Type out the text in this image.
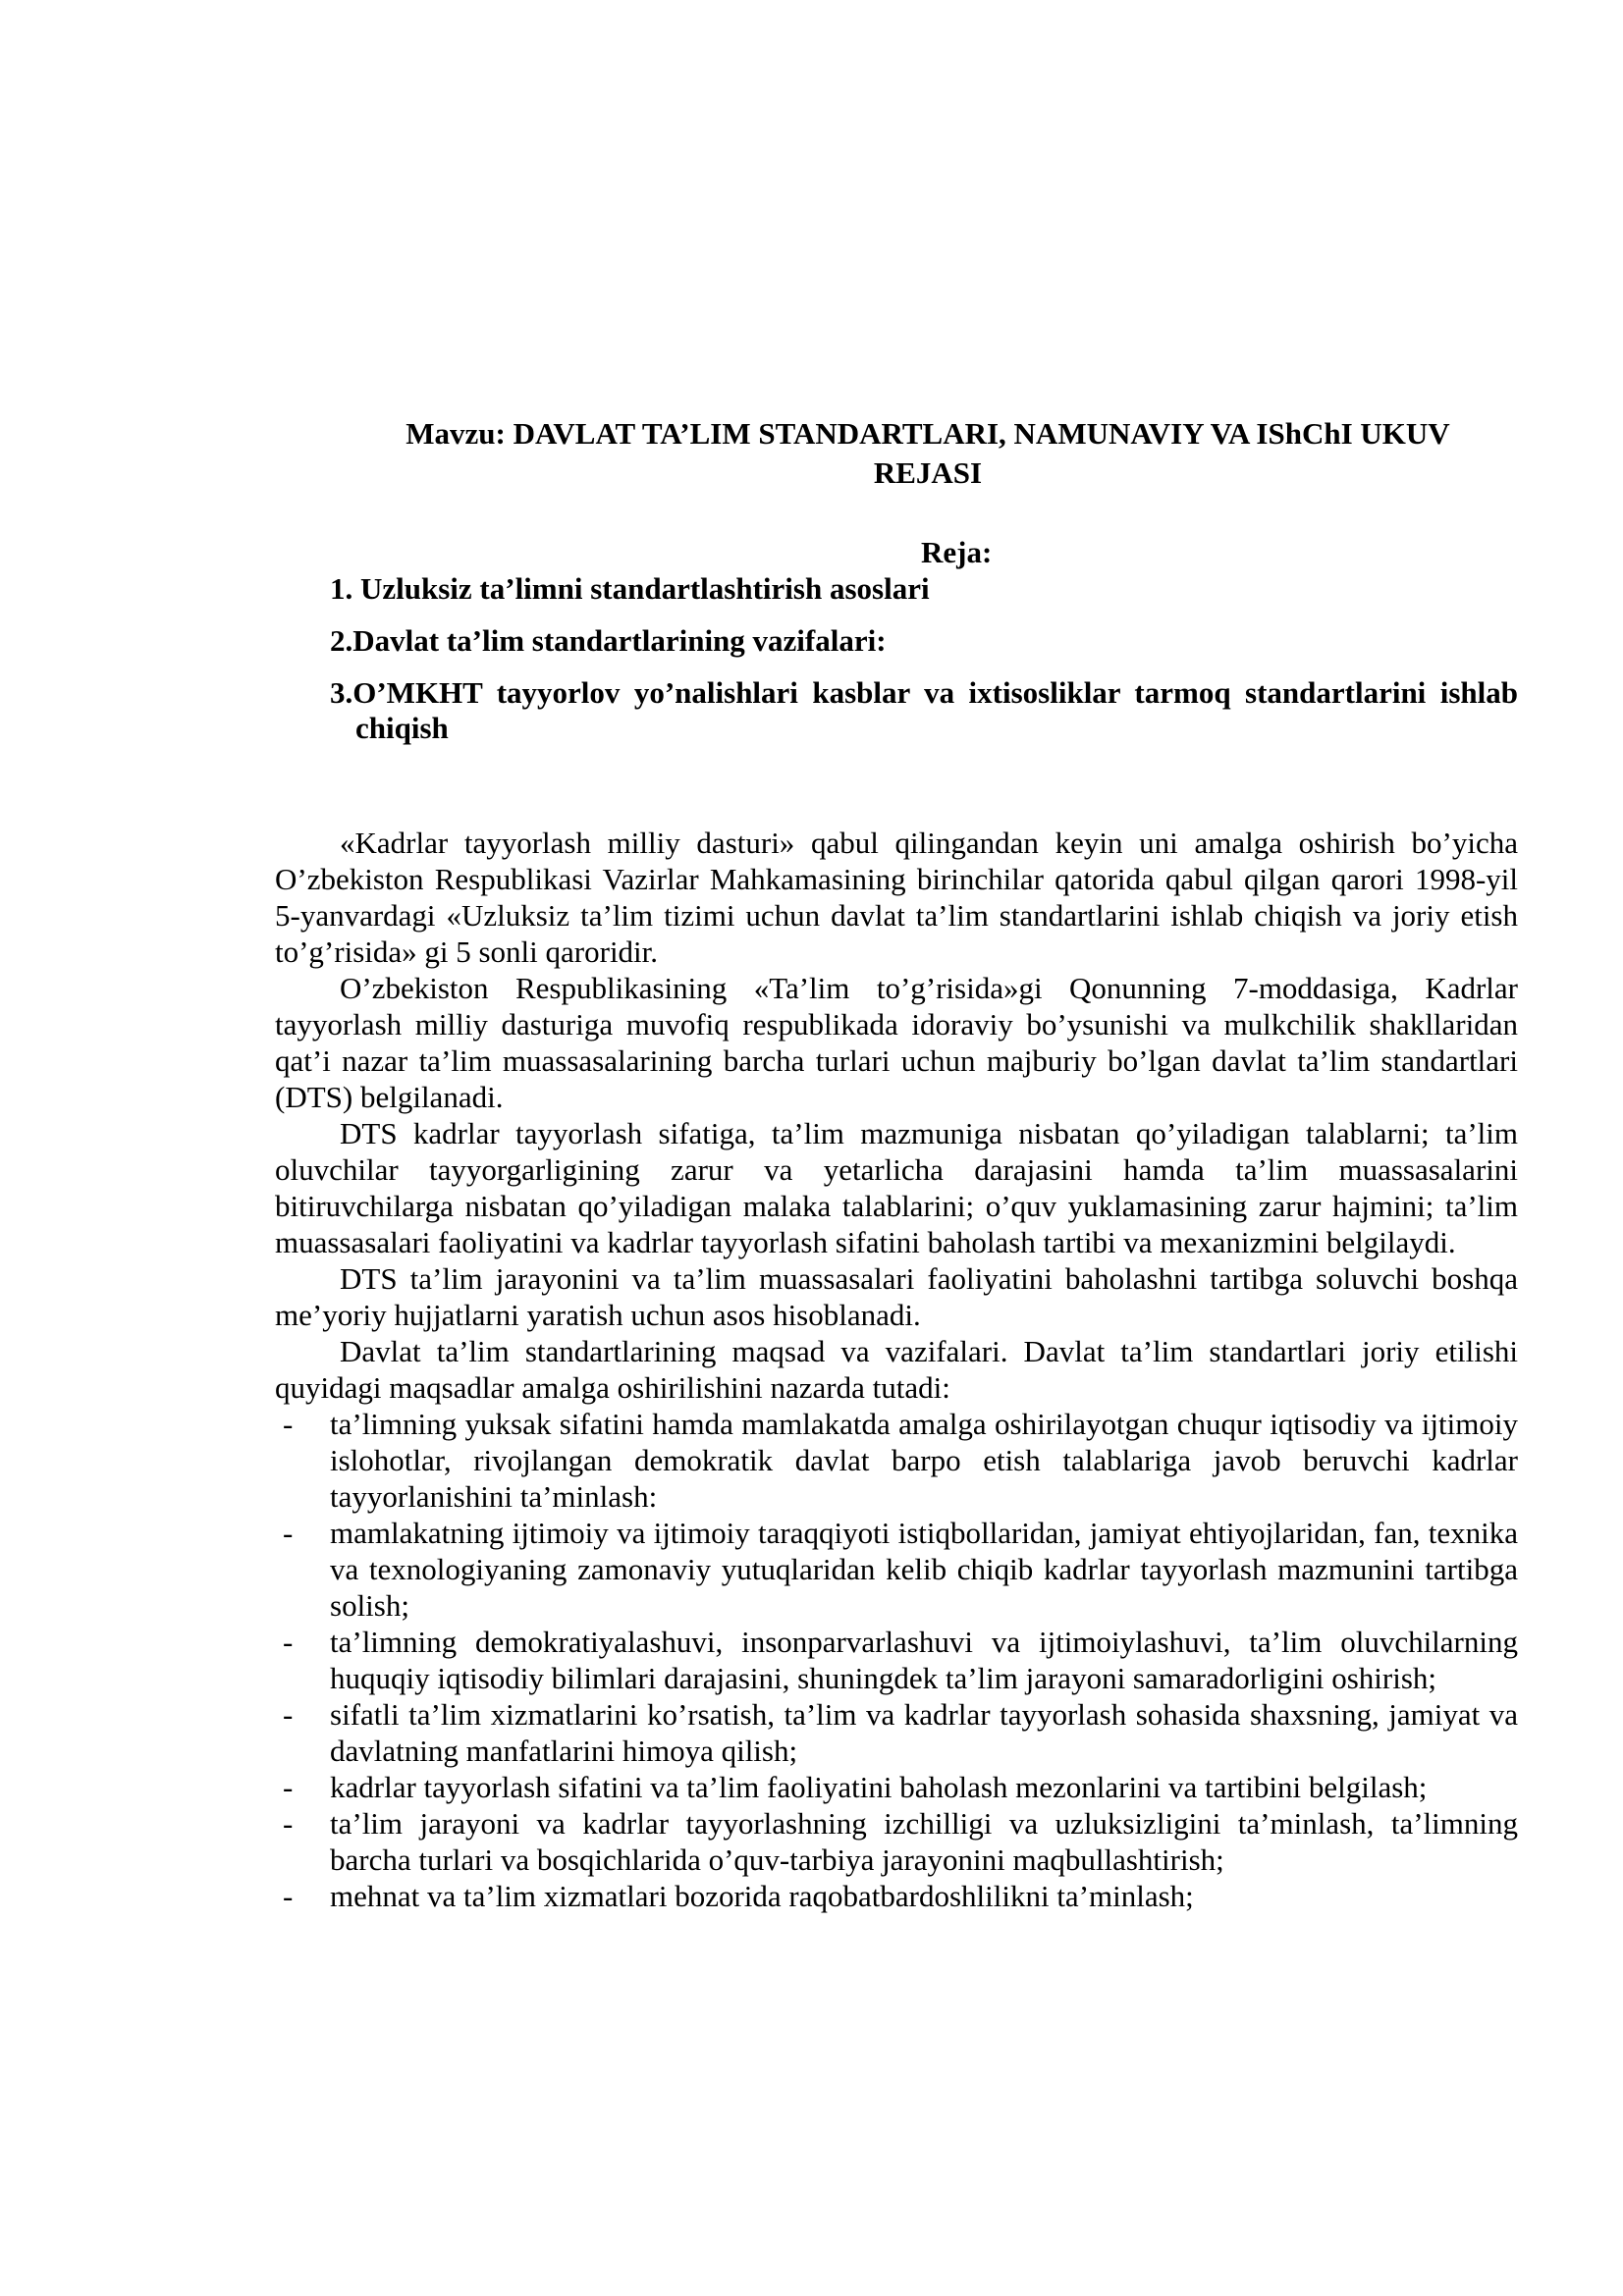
Mavzu: DAVLAT TA’LIM STANDARTLARI, NAMUNAVIY VA IShChI UKUV
REJASI
Reja:
1. Uzluksiz ta’limni standartlashtirish asoslari
2.Davlat ta’lim standartlarining vazifalari:
3.O’MKHT tayyorlov yo’nalishlari kasblar va ixtisosliklar tarmoq standartlarini ishlab chiqish

«Kadrlar tayyorlash milliy dasturi» qabul qilingandan keyin uni amalga oshirish bo’yicha O’zbekiston Respublikasi Vazirlar Mahkamasining birinchilar qatorida qabul qilgan qarori 1998-yil 5-yanvardagi «Uzluksiz ta’lim tizimi uchun davlat ta’lim standartlarini ishlab chiqish va joriy etish to’g’risida» gi 5 sonli qaroridir.

O’zbekiston Respublikasining «Ta’lim to’g’risida»gi Qonunning 7-moddasiga, Kadrlar tayyorlash milliy dasturiga muvofiq respublikada idoraviy bo’ysunishi va mulkchilik shakllaridan qat’i nazar ta’lim muassasalarining barcha turlari uchun majburiy bo’lgan davlat ta’lim standartlari (DTS) belgilanadi.

DTS kadrlar tayyorlash sifatiga, ta’lim mazmuniga nisbatan qo’yiladigan talablarni; ta’lim oluvchilar tayyorgarligining zarur va yetarlicha darajasini hamda ta’lim muassasalarini bitiruvchilarga nisbatan qo’yiladigan malaka talablarini; o’quv yuklamasining zarur hajmini; ta’lim muassasalari faoliyatini va kadrlar tayyorlash sifatini baholash tartibi va mexanizmini belgilaydi.

DTS ta’lim jarayonini va ta’lim muassasalari faoliyatini baholashni tartibga soluvchi boshqa me’yoriy hujjatlarni yaratish uchun asos hisoblanadi.

Davlat ta’lim standartlarining maqsad va vazifalari. Davlat ta’lim standartlari joriy etilishi quyidagi maqsadlar amalga oshirilishini nazarda tutadi:

- ta’limning yuksak sifatini hamda mamlakatda amalga oshirilayotgan chuqur iqtisodiy va ijtimoiy islohotlar, rivojlangan demokratik davlat barpo etish talablariga javob beruvchi kadrlar tayyorlanishini ta’minlash:
- mamlakatning ijtimoiy va ijtimoiy taraqqiyoti istiqbollaridan, jamiyat ehtiyojlaridan, fan, texnika va texnologiyaning zamonaviy yutuqlaridan kelib chiqib kadrlar tayyorlash mazmunini tartibga solish;
- ta’limning demokratiyalashuvi, insonparvarlashuvi va ijtimoiylashuvi, ta’lim oluvchilarning huquqiy iqtisodiy bilimlari darajasini, shuningdek ta’lim jarayoni samaradorligini oshirish;
- sifatli ta’lim xizmatlarini ko’rsatish, ta’lim va kadrlar tayyorlash sohasida shaxsning, jamiyat va davlatning manfatlarini himoya qilish;
- kadrlar tayyorlash sifatini va ta’lim faoliyatini baholash mezonlarini va tartibini belgilash;
- ta’lim jarayoni va kadrlar tayyorlashning izchilligi va uzluksizligini ta’minlash, ta’limning barcha turlari va bosqichlarida o’quv-tarbiya jarayonini maqbullashtirish;
- mehnat va ta’lim xizmatlari bozorida raqobatbardoshlilikni ta’minlash;
